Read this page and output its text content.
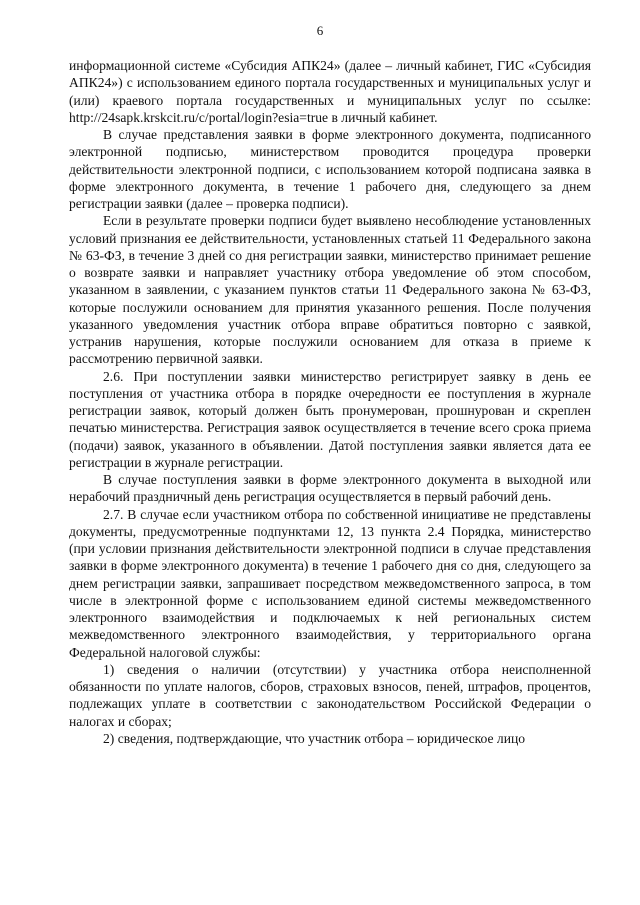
6

информационной системе «Субсидия АПК24» (далее – личный кабинет, ГИС «Субсидия АПК24») с использованием единого портала государственных и муниципальных услуг и (или) краевого портала государственных и муниципальных услуг по ссылке: http://24sapk.krskcit.ru/c/portal/login?esia=true в личный кабинет.

В случае представления заявки в форме электронного документа, подписанного электронной подписью, министерством проводится процедура проверки действительности электронной подписи, с использованием которой подписана заявка в форме электронного документа, в течение 1 рабочего дня, следующего за днем регистрации заявки (далее – проверка подписи).

Если в результате проверки подписи будет выявлено несоблюдение установленных условий признания ее действительности, установленных статьей 11 Федерального закона № 63-ФЗ, в течение 3 дней со дня регистрации заявки, министерство принимает решение о возврате заявки и направляет участнику отбора уведомление об этом способом, указанном в заявлении, с указанием пунктов статьи 11 Федерального закона № 63-ФЗ, которые послужили основанием для принятия указанного решения. После получения указанного уведомления участник отбора вправе обратиться повторно с заявкой, устранив нарушения, которые послужили основанием для отказа в приеме к рассмотрению первичной заявки.

2.6. При поступлении заявки министерство регистрирует заявку в день ее поступления от участника отбора в порядке очередности ее поступления в журнале регистрации заявок, который должен быть пронумерован, прошнурован и скреплен печатью министерства. Регистрация заявок осуществляется в течение всего срока приема (подачи) заявок, указанного в объявлении. Датой поступления заявки является дата ее регистрации в журнале регистрации.

В случае поступления заявки в форме электронного документа в выходной или нерабочий праздничный день регистрация осуществляется в первый рабочий день.

2.7. В случае если участником отбора по собственной инициативе не представлены документы, предусмотренные подпунктами 12, 13 пункта 2.4 Порядка, министерство (при условии признания действительности электронной подписи в случае представления заявки в форме электронного документа) в течение 1 рабочего дня со дня, следующего за днем регистрации заявки, запрашивает посредством межведомственного запроса, в том числе в электронной форме с использованием единой системы межведомственного электронного взаимодействия и подключаемых к ней региональных систем межведомственного электронного взаимодействия, у территориального органа Федеральной налоговой службы:

1) сведения о наличии (отсутствии) у участника отбора неисполненной обязанности по уплате налогов, сборов, страховых взносов, пеней, штрафов, процентов, подлежащих уплате в соответствии с законодательством Российской Федерации о налогах и сборах;

2) сведения, подтверждающие, что участник отбора – юридическое лицо
